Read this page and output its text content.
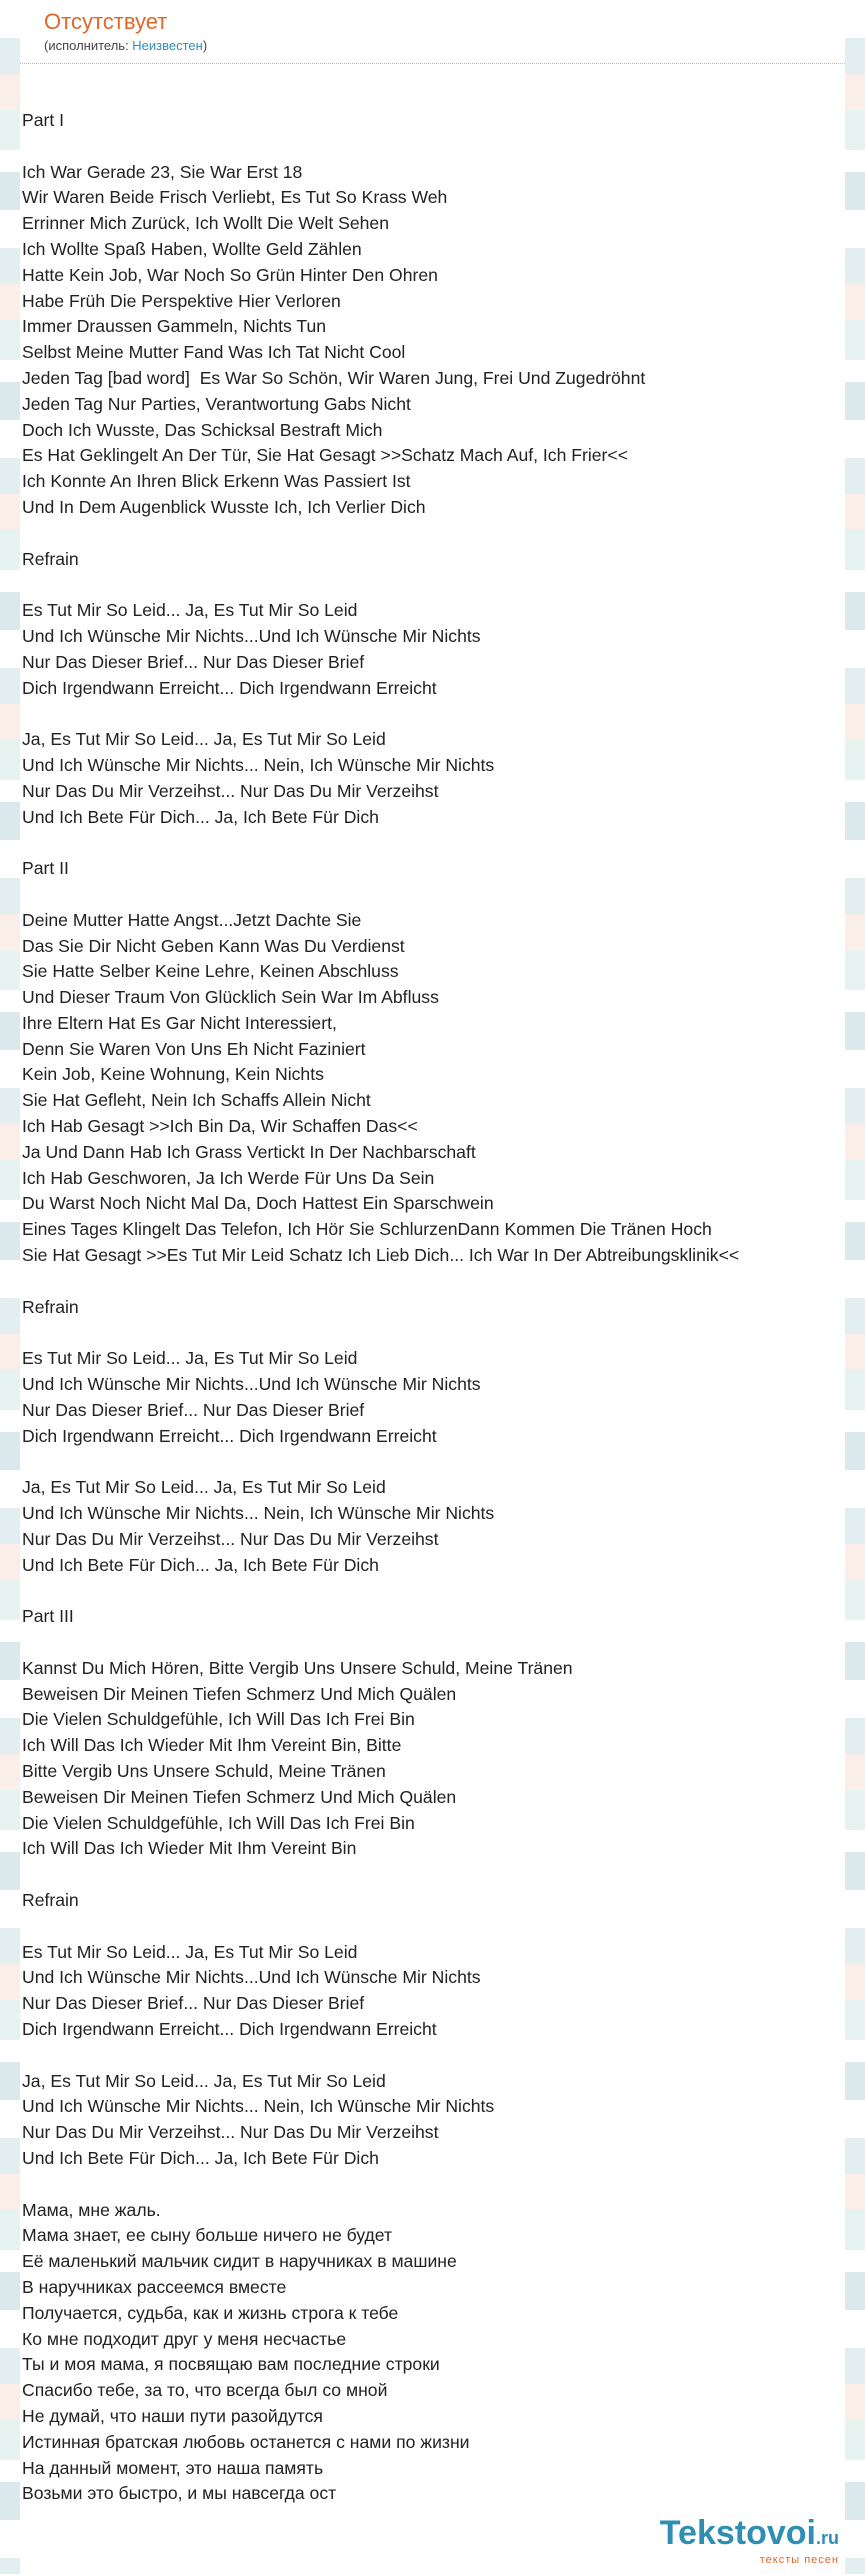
Отсутствует
(исполнитель: Неизвестен)
Part I

Ich War Gerade 23, Sie War Erst 18
Wir Waren Beide Frisch Verliebt, Es Tut So Krass Weh
Errinner Mich Zurück, Ich Wollt Die Welt Sehen
Ich Wollte Spaß Haben, Wollte Geld Zählen
Hatte Kein Job, War Noch So Grün Hinter Den Ohren
Habe Früh Die Perspektive Hier Verloren
Immer Draussen Gammeln, Nichts Tun
Selbst Meine Mutter Fand Was Ich Tat Nicht Cool
Jeden Tag [bad word]  Es War So Schön, Wir Waren Jung, Frei Und Zugedröhnt
Jeden Tag Nur Parties, Verantwortung Gabs Nicht
Doch Ich Wusste, Das Schicksal Bestraft Mich
Es Hat Geklingelt An Der Tür, Sie Hat Gesagt >>Schatz Mach Auf, Ich Frier<<
Ich Konnte An Ihren Blick Erkenn Was Passiert Ist
Und In Dem Augenblick Wusste Ich, Ich Verlier Dich

Refrain

Es Tut Mir So Leid... Ja, Es Tut Mir So Leid
Und Ich Wünsche Mir Nichts...Und Ich Wünsche Mir Nichts
Nur Das Dieser Brief... Nur Das Dieser Brief
Dich Irgendwann Erreicht... Dich Irgendwann Erreicht

Ja, Es Tut Mir So Leid... Ja, Es Tut Mir So Leid
Und Ich Wünsche Mir Nichts... Nein, Ich Wünsche Mir Nichts
Nur Das Du Mir Verzeihst... Nur Das Du Mir Verzeihst
Und Ich Bete Für Dich... Ja, Ich Bete Für Dich

Part II

Deine Mutter Hatte Angst...Jetzt Dachte Sie
Das Sie Dir Nicht Geben Kann Was Du Verdienst
Sie Hatte Selber Keine Lehre, Keinen Abschluss
Und Dieser Traum Von Glücklich Sein War Im Abfluss
Ihre Eltern Hat Es Gar Nicht Interessiert,
Denn Sie Waren Von Uns Eh Nicht Faziniert
Kein Job, Keine Wohnung, Kein Nichts
Sie Hat Gefleht, Nein Ich Schaffs Allein Nicht
Ich Hab Gesagt >>Ich Bin Da, Wir Schaffen Das<<
Ja Und Dann Hab Ich Grass Vertickt In Der Nachbarschaft
Ich Hab Geschworen, Ja Ich Werde Für Uns Da Sein
Du Warst Noch Nicht Mal Da, Doch Hattest Ein Sparschwein
Eines Tages Klingelt Das Telefon, Ich Hör Sie SchlurzenDann Kommen Die Tränen Hoch
Sie Hat Gesagt >>Es Tut Mir Leid Schatz Ich Lieb Dich... Ich War In Der Abtreibungsklinik<<

Refrain

Es Tut Mir So Leid... Ja, Es Tut Mir So Leid
Und Ich Wünsche Mir Nichts...Und Ich Wünsche Mir Nichts
Nur Das Dieser Brief... Nur Das Dieser Brief
Dich Irgendwann Erreicht... Dich Irgendwann Erreicht

Ja, Es Tut Mir So Leid... Ja, Es Tut Mir So Leid
Und Ich Wünsche Mir Nichts... Nein, Ich Wünsche Mir Nichts
Nur Das Du Mir Verzeihst... Nur Das Du Mir Verzeihst
Und Ich Bete Für Dich... Ja, Ich Bete Für Dich

Part III

Kannst Du Mich Hören, Bitte Vergib Uns Unsere Schuld, Meine Tränen
Beweisen Dir Meinen Tiefen Schmerz Und Mich Quälen
Die Vielen Schuldgefühle, Ich Will Das Ich Frei Bin
Ich Will Das Ich Wieder Mit Ihm Vereint Bin, Bitte
Bitte Vergib Uns Unsere Schuld, Meine Tränen
Beweisen Dir Meinen Tiefen Schmerz Und Mich Quälen
Die Vielen Schuldgefühle, Ich Will Das Ich Frei Bin
Ich Will Das Ich Wieder Mit Ihm Vereint Bin

Refrain

Es Tut Mir So Leid... Ja, Es Tut Mir So Leid
Und Ich Wünsche Mir Nichts...Und Ich Wünsche Mir Nichts
Nur Das Dieser Brief... Nur Das Dieser Brief
Dich Irgendwann Erreicht... Dich Irgendwann Erreicht

Ja, Es Tut Mir So Leid... Ja, Es Tut Mir So Leid
Und Ich Wünsche Mir Nichts... Nein, Ich Wünsche Mir Nichts
Nur Das Du Mir Verzeihst... Nur Das Du Mir Verzeihst
Und Ich Bete Für Dich... Ja, Ich Bete Für Dich

Мама, мне жаль.
Мама знает, ее сыну больше ничего не будет
Её маленький мальчик сидит в наручниках в машине
В наручниках рассеемся вместе
Получается, судьба, как и жизнь строга к тебе
Ко мне подходит друг у меня несчастье
Ты и моя мама, я посвящаю вам последние строки
Спасибо тебе, за то, что всегда был со мной
Не думай, что наши пути разойдутся
Истинная братская любовь останется с нами по жизни
На данный момент, это наша память
Возьми это быстро, и мы навсегда ост
Tekstovoi.ru
тексты песен
